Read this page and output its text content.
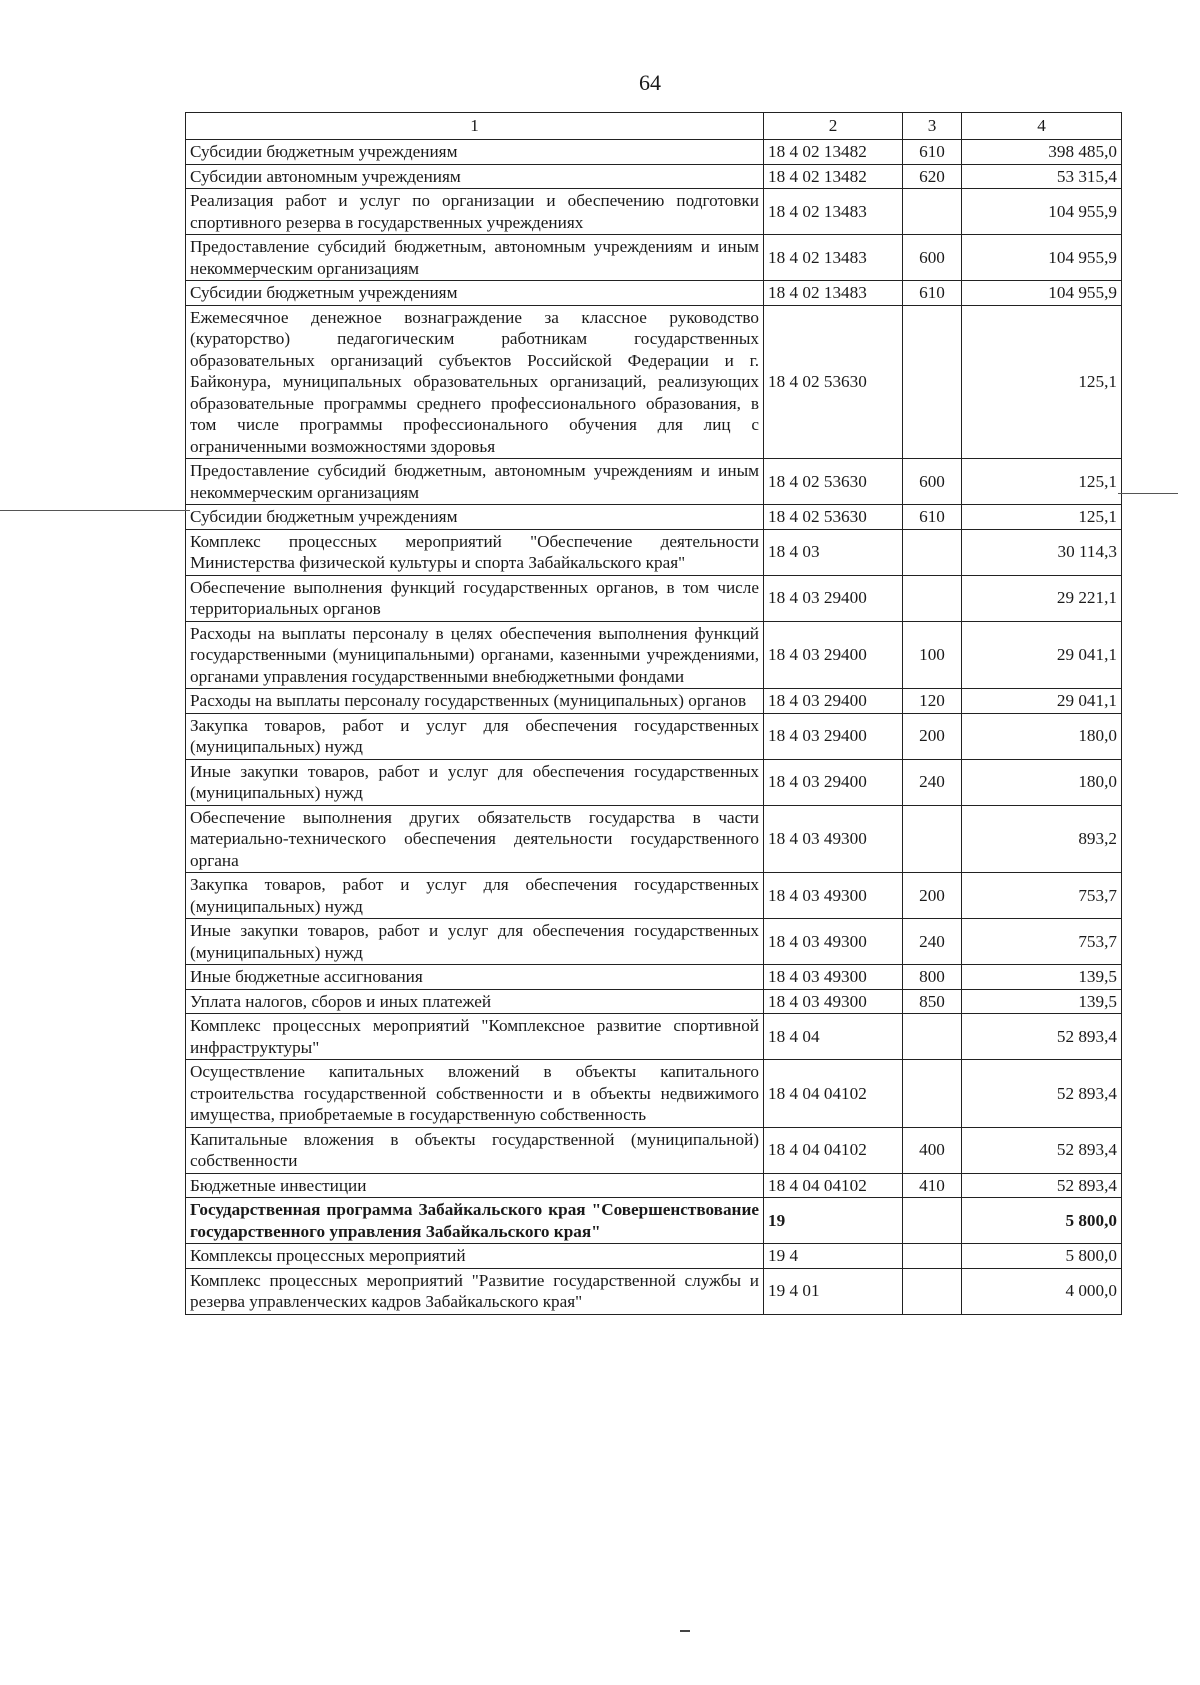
64
1	2	3	4
Субсидии бюджетным учреждениям	18 4 02 13482	610	398 485,0
Субсидии автономным учреждениям	18 4 02 13482	620	53 315,4
Реализация работ и услуг по организации и обеспечению подготовки спортивного резерва в государственных учреждениях	18 4 02 13483		104 955,9
Предоставление субсидий бюджетным, автономным учреждениям и иным некоммерческим организациям	18 4 02 13483	600	104 955,9
Субсидии бюджетным учреждениям	18 4 02 13483	610	104 955,9
Ежемесячное денежное вознаграждение за классное руководство (кураторство) педагогическим работникам государственных образовательных организаций субъектов Российской Федерации и г. Байконура, муниципальных образовательных организаций, реализующих образовательные программы среднего профессионального образования, в том числе программы профессионального обучения для лиц с ограниченными возможностями здоровья	18 4 02 53630		125,1
Предоставление субсидий бюджетным, автономным учреждениям и иным некоммерческим организациям	18 4 02 53630	600	125,1
Субсидии бюджетным учреждениям	18 4 02 53630	610	125,1
Комплекс процессных мероприятий "Обеспечение деятельности Министерства физической культуры и спорта Забайкальского края"	18 4 03		30 114,3
Обеспечение выполнения функций государственных органов, в том числе территориальных органов	18 4 03 29400		29 221,1
Расходы на выплаты персоналу в целях обеспечения выполнения функций государственными (муниципальными) органами, казенными учреждениями, органами управления государственными внебюджетными фондами	18 4 03 29400	100	29 041,1
Расходы на выплаты персоналу государственных (муниципальных) органов	18 4 03 29400	120	29 041,1
Закупка товаров, работ и услуг для обеспечения государственных (муниципальных) нужд	18 4 03 29400	200	180,0
Иные закупки товаров, работ и услуг для обеспечения государственных (муниципальных) нужд	18 4 03 29400	240	180,0
Обеспечение выполнения других обязательств государства в части материально-технического обеспечения деятельности государственного органа	18 4 03 49300		893,2
Закупка товаров, работ и услуг для обеспечения государственных (муниципальных) нужд	18 4 03 49300	200	753,7
Иные закупки товаров, работ и услуг для обеспечения государственных (муниципальных) нужд	18 4 03 49300	240	753,7
Иные бюджетные ассигнования	18 4 03 49300	800	139,5
Уплата налогов, сборов и иных платежей	18 4 03 49300	850	139,5
Комплекс процессных мероприятий "Комплексное развитие спортивной инфраструктуры"	18 4 04		52 893,4
Осуществление капитальных вложений в объекты капитального строительства государственной собственности и в объекты недвижимого имущества, приобретаемые в государственную собственность	18 4 04 04102		52 893,4
Капитальные вложения в объекты государственной (муниципальной) собственности	18 4 04 04102	400	52 893,4
Бюджетные инвестиции	18 4 04 04102	410	52 893,4
Государственная программа Забайкальского края "Совершенствование государственного управления Забайкальского края"	19		5 800,0
Комплексы процессных мероприятий	19 4		5 800,0
Комплекс процессных мероприятий "Развитие государственной службы и резерва управленческих кадров Забайкальского края"	19 4 01		4 000,0
